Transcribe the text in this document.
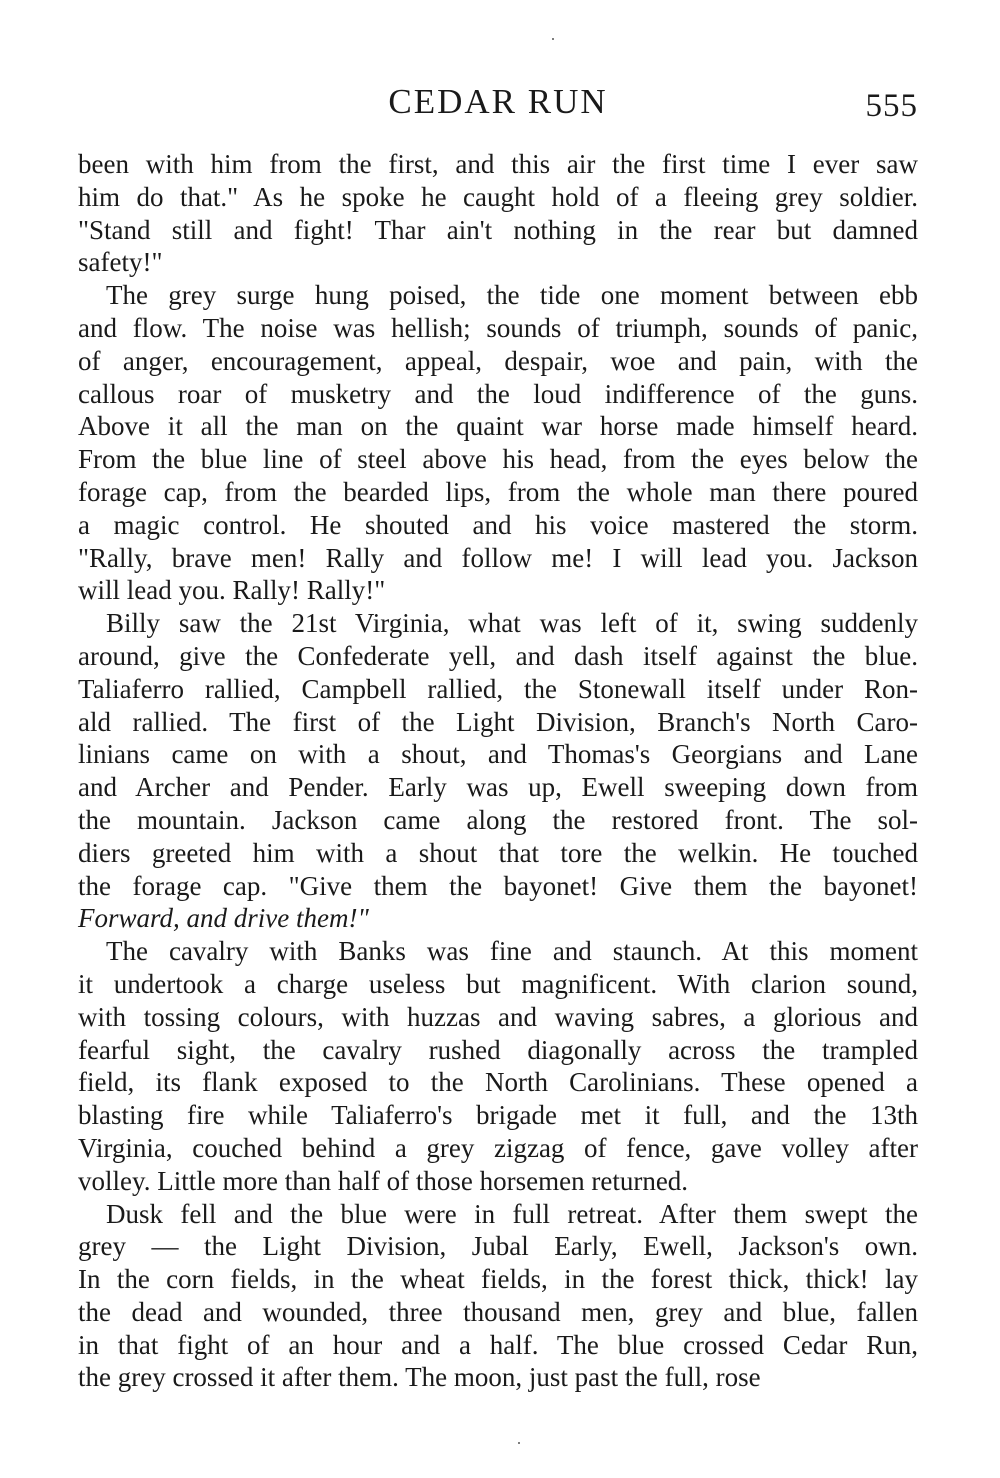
CEDAR RUN	555
been with him from the first, and this air the first time I ever saw
him do that." As he spoke he caught hold of a fleeing grey soldier.
"Stand still and fight! Thar ain't nothing in the rear but damned
safety!"
The grey surge hung poised, the tide one moment between ebb
and flow. The noise was hellish; sounds of triumph, sounds of panic,
of anger, encouragement, appeal, despair, woe and pain, with the
callous roar of musketry and the loud indifference of the guns.
Above it all the man on the quaint war horse made himself heard.
From the blue line of steel above his head, from the eyes below the
forage cap, from the bearded lips, from the whole man there poured
a magic control. He shouted and his voice mastered the storm.
"Rally, brave men! Rally and follow me! I will lead you. Jackson
will lead you. Rally! Rally!"
Billy saw the 21st Virginia, what was left of it, swing suddenly
around, give the Confederate yell, and dash itself against the blue.
Taliaferro rallied, Campbell rallied, the Stonewall itself under Ron-
ald rallied. The first of the Light Division, Branch's North Caro-
linians came on with a shout, and Thomas's Georgians and Lane
and Archer and Pender. Early was up, Ewell sweeping down from
the mountain. Jackson came along the restored front. The sol-
diers greeted him with a shout that tore the welkin. He touched
the forage cap. "Give them the bayonet! Give them the bayonet!
Forward, and drive them!"
The cavalry with Banks was fine and staunch. At this moment
it undertook a charge useless but magnificent. With clarion sound,
with tossing colours, with huzzas and waving sabres, a glorious and
fearful sight, the cavalry rushed diagonally across the trampled
field, its flank exposed to the North Carolinians. These opened a
blasting fire while Taliaferro's brigade met it full, and the 13th
Virginia, couched behind a grey zigzag of fence, gave volley after
volley. Little more than half of those horsemen returned.
Dusk fell and the blue were in full retreat. After them swept the
grey — the Light Division, Jubal Early, Ewell, Jackson's own.
In the corn fields, in the wheat fields, in the forest thick, thick! lay
the dead and wounded, three thousand men, grey and blue, fallen
in that fight of an hour and a half. The blue crossed Cedar Run,
the grey crossed it after them. The moon, just past the full, rose
